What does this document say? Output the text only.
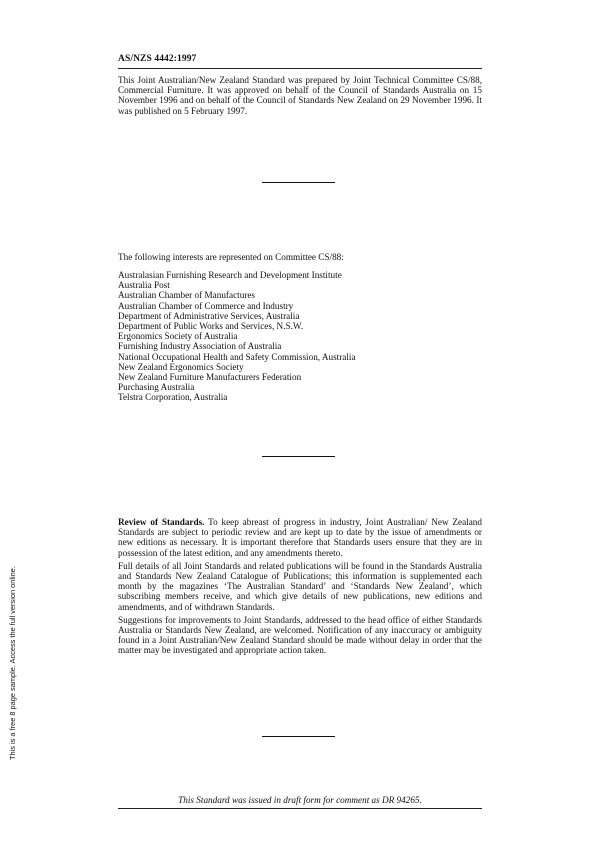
AS/NZS 4442:1997

This Joint Australian/New Zealand Standard was prepared by Joint Technical Committee CS/88, Commercial Furniture. It was approved on behalf of the Council of Standards Australia on 15 November 1996 and on behalf of the Council of Standards New Zealand on 29 November 1996. It was published on 5 February 1997.

The following interests are represented on Committee CS/88:

Australasian Furnishing Research and Development Institute
Australia Post
Australian Chamber of Manufactures
Australian Chamber of Commerce and Industry
Department of Administrative Services, Australia
Department of Public Works and Services, N.S.W.
Ergonomics Society of Australia
Furnishing Industry Association of Australia
National Occupational Health and Safety Commission, Australia
New Zealand Ergonomics Society
New Zealand Furniture Manufacturers Federation
Purchasing Australia
Telstra Corporation, Australia

Review of Standards. To keep abreast of progress in industry, Joint Australian/ New Zealand Standards are subject to periodic review and are kept up to date by the issue of amendments or new editions as necessary. It is important therefore that Standards users ensure that they are in possession of the latest edition, and any amendments thereto.

Full details of all Joint Standards and related publications will be found in the Standards Australia and Standards New Zealand Catalogue of Publications; this information is supplemented each month by the magazines ‘The Australian Standard’ and ‘Standards New Zealand’, which subscribing members receive, and which give details of new publications, new editions and amendments, and of withdrawn Standards.

Suggestions for improvements to Joint Standards, addressed to the head office of either Standards Australia or Standards New Zealand, are welcomed. Notification of any inaccuracy or ambiguity found in a Joint Australian/New Zealand Standard should be made without delay in order that the matter may be investigated and appropriate action taken.

This is a free 8 page sample. Access the full version online.
This Standard was issued in draft form for comment as DR 94265.
